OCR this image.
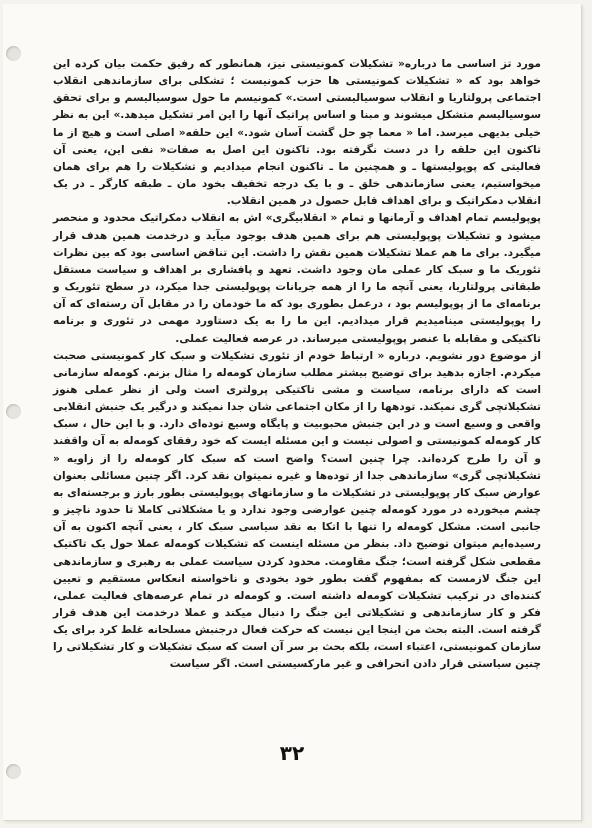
مورد تز اساسی ما درباره« تشکیلات کمونیستی نیز، همانطور که رفیق حکمت بیان کرده این خواهد بود که « تشکیلات کمونیستی ها حزب کمونیست ؛ تشکلی برای سازماندهی انقلاب اجتماعی پرولتاریا و انقلاب سوسیالیستی است.» کمونیسم ما حول سوسیالیسم و برای تحقق سوسیالیسم متشکل میشوند و مبنا و اساس پراتیک آنها را این امر تشکیل میدهد.» این به نظر خیلی بدیهی میرسد. اما « معما چو حل گشت آسان شود.» این حلقه« اصلی است و هیچ از ما تاکنون این حلقه را در دست نگرفته بود. تاکنون این اصل به صفات« نفی این، یعنی آن فعالیتی که پوپولیستها ـ و همچنین ما ـ تاکنون انجام میدادیم و تشکیلات را هم برای همان میخواستیم، یعنی سازماندهی خلق ـ و با یک درجه تخفیف بخود مان ـ طبقه کارگر ـ در یک انقلاب دمکراتیک و برای اهداف قابل حصول در همین انقلاب.

پوپولیسم تمام اهداف و آرمانها و تمام « انقلابیگری» اش به انقلاب دمکراتیک محدود و منحصر میشود و تشکیلات پوپولیستی هم برای همین هدف بوجود میآید و درخدمت همین هدف قرار میگیرد. برای ما هم عملا تشکیلات همین نقش را داشت. این تناقض اساسی بود که بین نظرات تئوریک ما و سبک کار عملی مان وجود داشت. تعهد و پافشاری بر اهداف و سیاست مستقل طبقاتی پرولتاریا، یعنی آنچه ما را از همه جریانات پوپولیستی جدا میکرد، در سطح تئوریک و برنامه‌ای ما از پوپولیسم بود ، درعمل بطوری بود که ما خودمان را در مقابل آن رسته‌ای که آن را پوپولیستی مینامیدیم قرار میدادیم. این ما را به یک دستاورد مهمی در تئوری و برنامه تاکتیکی و مقابله با عنصر پوپولیستی میرساند. در عرصه فعالیت عملی.

از موضوع دور نشویم. درباره « ارتباط خودم از تئوری تشکیلات و سبک کار کمونیستی صحبت میکردم. اجازه بدهید برای توضیح بیشتر مطلب سازمان کومه‌له را مثال بزنم. کومه‌له سازمانی است که دارای برنامه، سیاست و مشی تاکتیکی پرولتری است ولی از نظر عملی هنوز تشکیلاتچی گری نمیکند. تودهها را از مکان اجتماعی شان جدا نمیکند و درگیر یک جنبش انقلابی واقعی و وسیع است و در این جنبش محبوبیت و پایگاه وسیع توده‌ای دارد. و با این حال ، سبک کار کومه‌له کمونیستی و اصولی نیست و این مسئله ایست که خود رفقای کومه‌له به آن واقفند و آن را طرح کرده‌اند. چرا چنین است؟ واضح است که سبک کار کومه‌له را از زاویه « تشکیلاتچی گری» سازماندهی جدا از توده‌ها و غیره نمیتوان نقد کرد. اگر چنین مسائلی بعنوان عوارض سبک کار پوپولیستی در تشکیلات ما و سازمانهای پوپولیستی بطور بارز و برجسته‌ای به چشم میخورده در مورد کومه‌له چنین عوارضی وجود ندارد و یا مشکلاتی کاملا تا حدود ناچیز و جانبی است. مشکل کومه‌له را تنها با اتکا به نقد سیاسی سبک کار ، یعنی آنچه اکنون به آن رسیده‌ایم میتوان توضیح داد. بنظر من مسئله اینست که تشکیلات کومه‌له عملا حول یک تاکتیک مقطعی شکل گرفته است؛ جنگ مقاومت. محدود کردن سیاست عملی به رهبری و سازماندهی این جنگ لازمست که بمفهوم گفت بطور خود بخودی و ناخواسته انعکاس مستقیم و تعیین کننده‌ای در ترکیب تشکیلات کومه‌له داشته است. و کومه‌له در تمام عرصه‌های فعالیت عملی، فکر و کار سازماندهی و تشکیلاتی این جنگ را دنبال میکند و عملا درخدمت این هدف قرار گرفته است. البته بحث من اینجا این نیست که حرکت فعال درجنبش مسلحانه غلط کرد برای یک سازمان کمونیستی، اعتباء است، بلکه بحث بر سر آن است که سبک تشکیلات و کار تشکیلاتی را چنین سیاستی قرار دادن انحرافی و غیر مارکسیستی است. اگر سیاست

٣٢
